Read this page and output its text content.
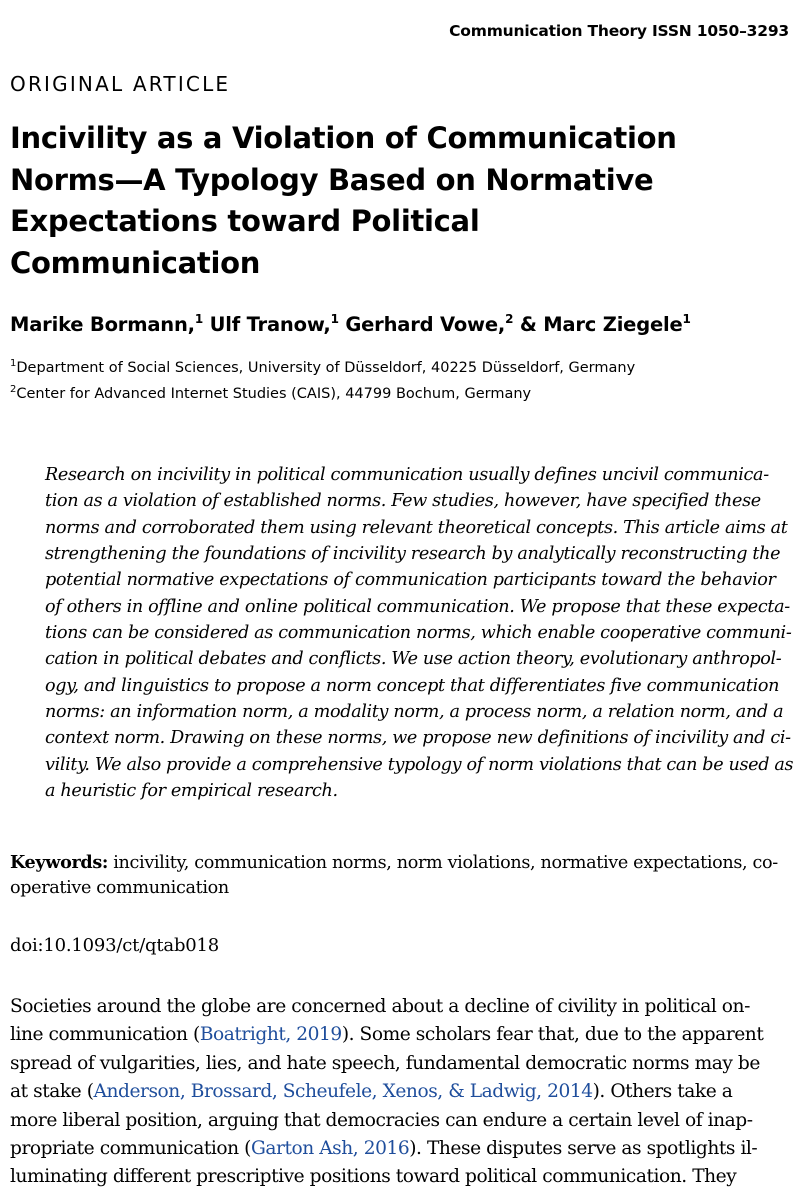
Communication Theory ISSN 1050–3293
ORIGINAL ARTICLE
Incivility as a Violation of Communication
Norms—A Typology Based on Normative
Expectations toward Political
Communication
Marike Bormann,$^1$ Ulf Tranow,$^1$ Gerhard Vowe,$^2$ & Marc Ziegele$^1$
$^1$Department of Social Sciences, University of Düsseldorf, 40225 Düsseldorf, Germany
$^2$Center for Advanced Internet Studies (CAIS), 44799 Bochum, Germany
Research on incivility in political communication usually defines uncivil communica-
tion as a violation of established norms. Few studies, however, have specified these
norms and corroborated them using relevant theoretical concepts. This article aims at
strengthening the foundations of incivility research by analytically reconstructing the
potential normative expectations of communication participants toward the behavior
of others in offline and online political communication. We propose that these expecta-
tions can be considered as communication norms, which enable cooperative communi-
cation in political debates and conflicts. We use action theory, evolutionary anthropol-
ogy, and linguistics to propose a norm concept that differentiates five communication
norms: an information norm, a modality norm, a process norm, a relation norm, and a
context norm. Drawing on these norms, we propose new definitions of incivility and ci-
vility. We also provide a comprehensive typology of norm violations that can be used as
a heuristic for empirical research.
Keywords: incivility, communication norms, norm violations, normative expectations, co-
operative communication
doi:10.1093/ct/qtab018
Societies around the globe are concerned about a decline of civility in political on-
line communication (Boatright, 2019). Some scholars fear that, due to the apparent
spread of vulgarities, lies, and hate speech, fundamental democratic norms may be
at stake (Anderson, Brossard, Scheufele, Xenos, & Ladwig, 2014). Others take a
more liberal position, arguing that democracies can endure a certain level of inap-
propriate communication (Garton Ash, 2016). These disputes serve as spotlights il-
luminating different prescriptive positions toward political communication. They
